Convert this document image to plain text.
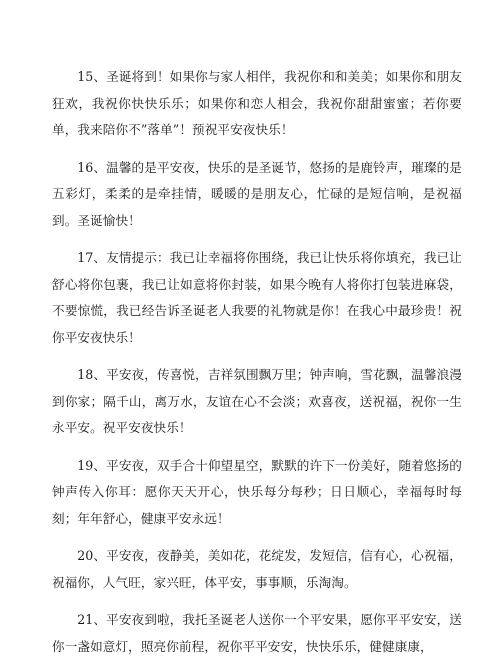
15、圣诞将到！如果你与家人相伴，我祝你和和美美；如果你和朋友狂欢，我祝你快快乐乐；如果你和恋人相会，我祝你甜甜蜜蜜；若你要单，我来陪你不”落单”！预祝平安夜快乐！

16、温馨的是平安夜，快乐的是圣诞节，悠扬的是鹿铃声，璀璨的是五彩灯，柔柔的是牵挂情，暖暖的是朋友心，忙碌的是短信响，是祝福到。圣诞愉快！

17、友情提示：我已让幸福将你围绕，我已让快乐将你填充，我已让舒心将你包裹，我已让如意将你封装，如果今晚有人将你打包装进麻袋，不要惊慌，我已经告诉圣诞老人我要的礼物就是你！在我心中最珍贵！祝你平安夜快乐！

18、平安夜，传喜悦，吉祥氛围飘万里；钟声响，雪花飘，温馨浪漫到你家；隔千山，离万水，友谊在心不会淡；欢喜夜，送祝福，祝你一生永平安。祝平安夜快乐！

19、平安夜，双手合十仰望星空，默默的许下一份美好，随着悠扬的钟声传入你耳：愿你天天开心，快乐每分每秒；日日顺心，幸福每时每刻；年年舒心，健康平安永远！

20、平安夜，夜静美，美如花，花绽发，发短信，信有心，心祝福，祝福你，人气旺，家兴旺，体平安，事事顺，乐淘淘。

21、平安夜到啦，我托圣诞老人送你一个平安果，愿你平平安安，送你一盏如意灯，照亮你前程，祝你平平安安，快快乐乐，健健康康，
